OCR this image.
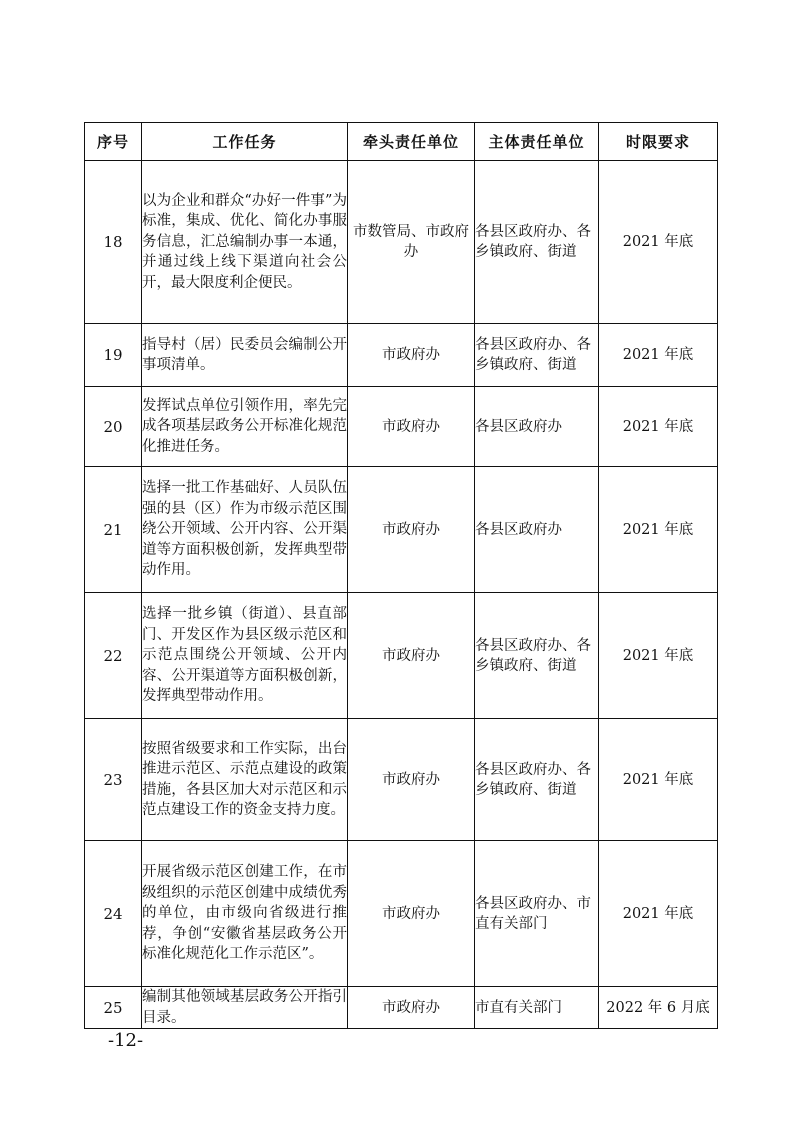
序号	工作任务	牵头责任单位	主体责任单位	时限要求
18	以为企业和群众“办好一件事”为标准，集成、优化、简化办事服务信息，汇总编制办事一本通，并通过线上线下渠道向社会公开，最大限度利企便民。	市数管局、市政府办	各县区政府办、各乡镇政府、街道	2021 年底
19	指导村（居）民委员会编制公开事项清单。	市政府办	各县区政府办、各乡镇政府、街道	2021 年底
20	发挥试点单位引领作用，率先完成各项基层政务公开标准化规范化推进任务。	市政府办	各县区政府办	2021 年底
21	选择一批工作基础好、人员队伍强的县（区）作为市级示范区围绕公开领域、公开内容、公开渠道等方面积极创新，发挥典型带动作用。	市政府办	各县区政府办	2021 年底
22	选择一批乡镇（街道）、县直部门、开发区作为县区级示范区和示范点围绕公开领域、公开内容、公开渠道等方面积极创新，发挥典型带动作用。	市政府办	各县区政府办、各乡镇政府、街道	2021 年底
23	按照省级要求和工作实际，出台推进示范区、示范点建设的政策措施，各县区加大对示范区和示范点建设工作的资金支持力度。	市政府办	各县区政府办、各乡镇政府、街道	2021 年底
24	开展省级示范区创建工作，在市级组织的示范区创建中成绩优秀的单位，由市级向省级进行推荐，争创“安徽省基层政务公开标准化规范化工作示范区”。	市政府办	各县区政府办、市直有关部门	2021 年底
25	编制其他领域基层政务公开指引目录。	市政府办	市直有关部门	2022 年 6 月底
-12-
